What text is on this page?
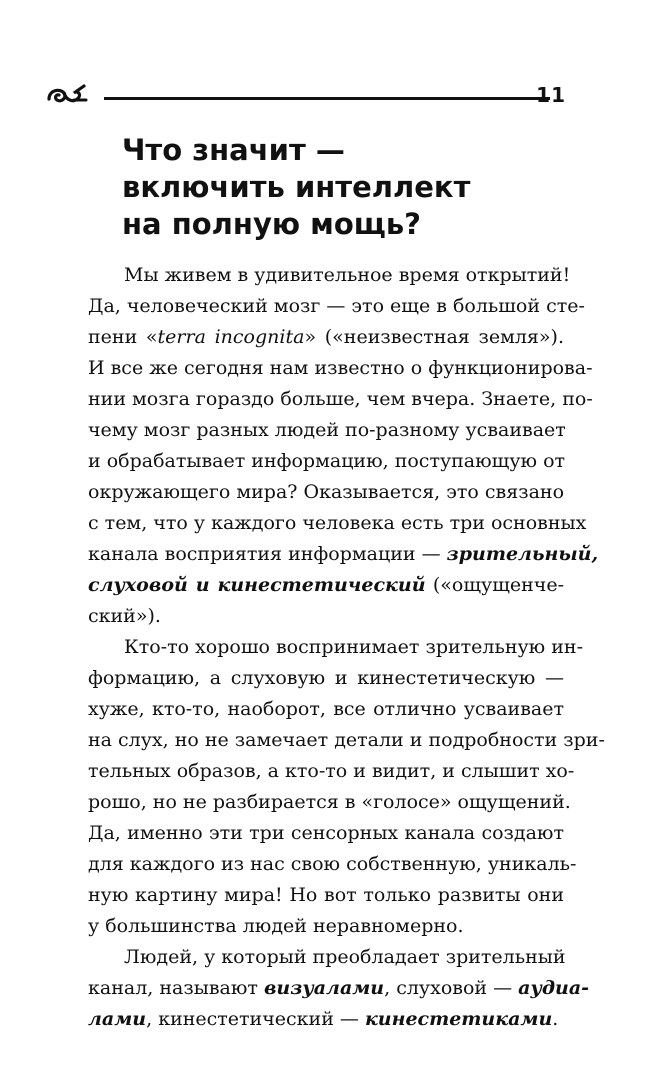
11
Что значит —
включить интеллект
на полную мощь?
Мы живем в удивительное время открытий!
Да, человеческий мозг — это еще в большой сте-
пени «terra incognita» («неизвестная земля»).
И все же сегодня нам известно о функционирова-
нии мозга гораздо больше, чем вчера. Знаете, по-
чему мозг разных людей по-разному усваивает
и обрабатывает информацию, поступающую от
окружающего мира? Оказывается, это связано
с тем, что у каждого человека есть три основных
канала восприятия информации — зрительный,
слуховой и кинестетический («ощущенче-
ский»).
Кто-то хорошо воспринимает зрительную ин-
формацию, а слуховую и кинестетическую —
хуже, кто-то, наоборот, все отлично усваивает
на слух, но не замечает детали и подробности зри-
тельных образов, а кто-то и видит, и слышит хо-
рошо, но не разбирается в «голосе» ощущений.
Да, именно эти три сенсорных канала создают
для каждого из нас свою собственную, уникаль-
ную картину мира! Но вот только развиты они
у большинства людей неравномерно.
Людей, у который преобладает зрительный
канал, называют визуалами, слуховой — аудиа-
лами, кинестетический — кинестетиками.
